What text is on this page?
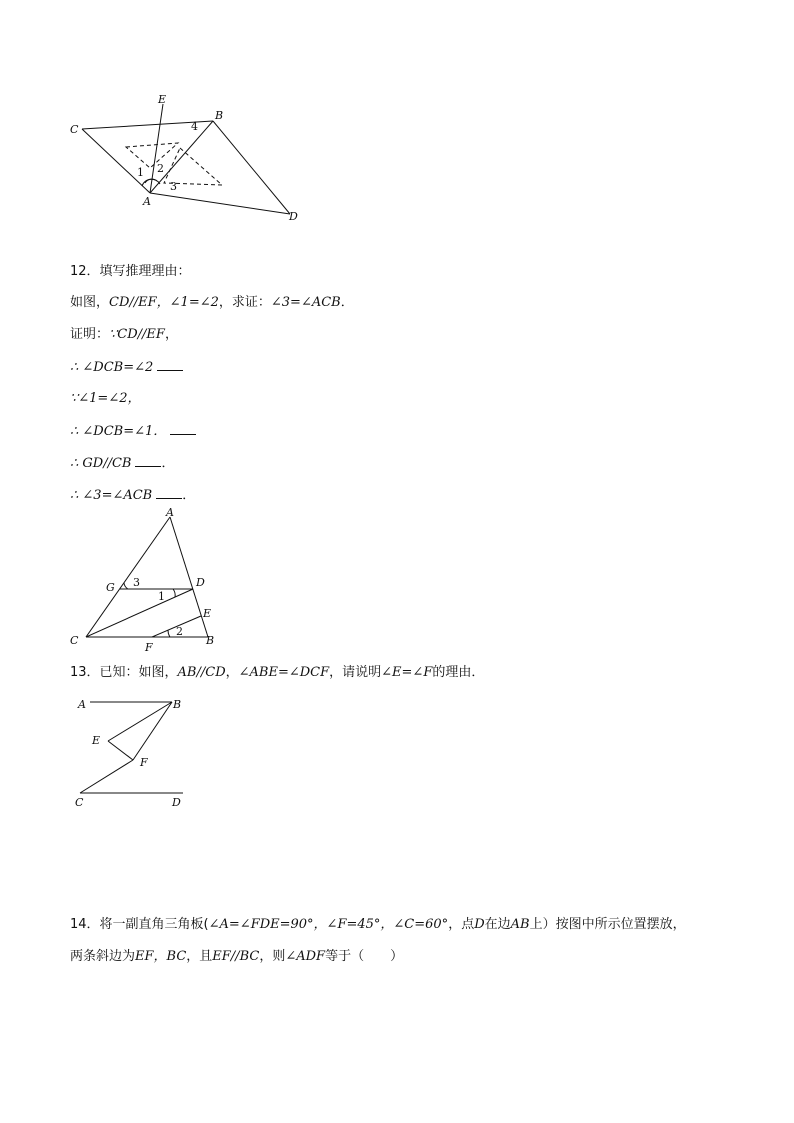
E
B
C
A
D
1 2
3
4
12．填写推理理由：
如图，CD//EF，∠1=∠2，求证：∠3=∠ACB．
证明：∵CD//EF，
∴ ∠DCB=∠2
∵∠1=∠2，
∴ ∠DCB=∠1．
∴ GD//CB ．
∴ ∠3=∠ACB ．
A
G	D
E
C
F
B
1
2
3
13．已知：如图，AB//CD，∠ABE=∠DCF，请说明∠E=∠F的理由．
A	B
E
F
C	D
14．将一副直角三角板(∠A=∠FDE=90°，∠F=45°，∠C=60°，点D在边AB上）按图中所示位置摆放，
两条斜边为EF，BC，且EF//BC，则∠ADF等于（　　）
